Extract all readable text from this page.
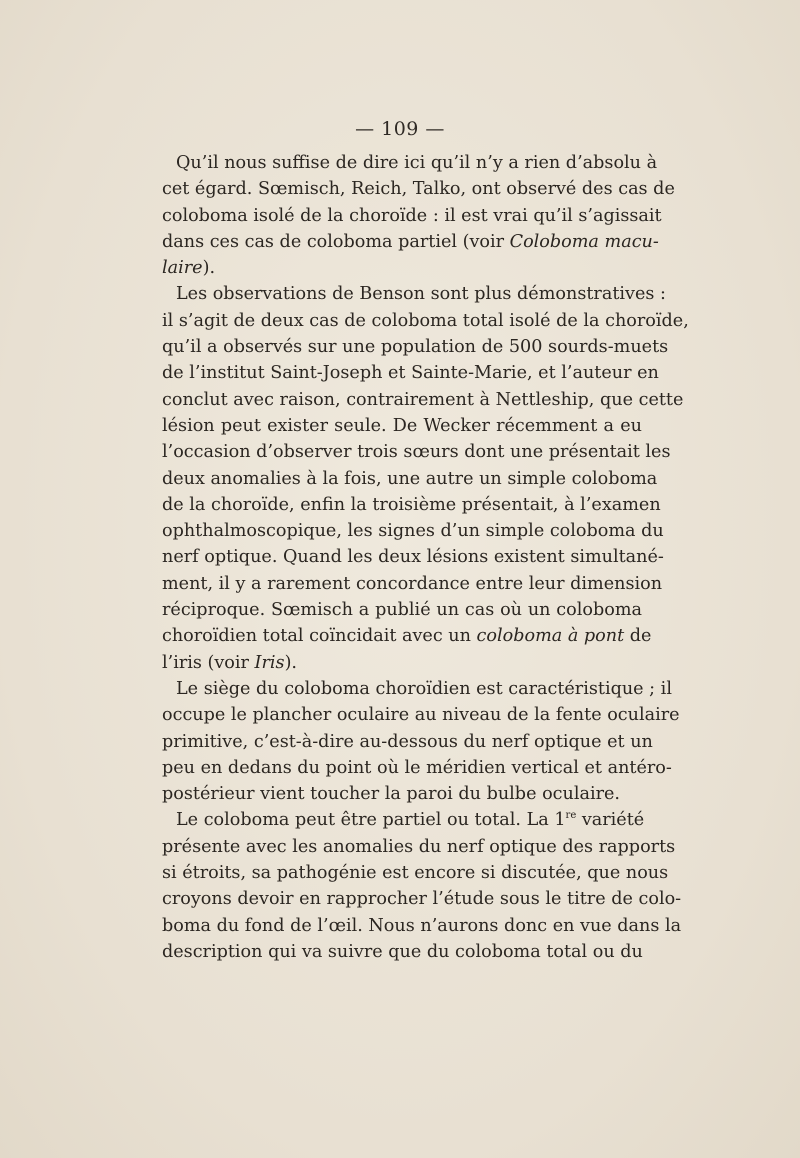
— 109 —
Qu’il nous suffise de dire ici qu’il n’y a rien d’absolu à
cet égard. Sœmisch, Reich, Talko, ont observé des cas de
coloboma isolé de la choroïde : il est vrai qu’il s’agissait
dans ces cas de coloboma partiel (voir Coloboma macu-
laire).
Les observations de Benson sont plus démonstratives :
il s’agit de deux cas de coloboma total isolé de la choroïde,
qu’il a observés sur une population de 500 sourds-muets
de l’institut Saint-Joseph et Sainte-Marie, et l’auteur en
conclut avec raison, contrairement à Nettleship, que cette
lésion peut exister seule. De Wecker récemment a eu
l’occasion d’observer trois sœurs dont une présentait les
deux anomalies à la fois, une autre un simple coloboma
de la choroïde, enfin la troisième présentait, à l’examen
ophthalmoscopique, les signes d’un simple coloboma du
nerf optique. Quand les deux lésions existent simultané-
ment, il y a rarement concordance entre leur dimension
réciproque. Sœmisch a publié un cas où un coloboma
choroïdien total coïncidait avec un coloboma à pont de
l’iris (voir Iris).
Le siège du coloboma choroïdien est caractéristique ; il
occupe le plancher oculaire au niveau de la fente oculaire
primitive, c’est-à-dire au-dessous du nerf optique et un
peu en dedans du point où le méridien vertical et antéro-
postérieur vient toucher la paroi du bulbe oculaire.
Le coloboma peut être partiel ou total. La 1re variété
présente avec les anomalies du nerf optique des rapports
si étroits, sa pathogénie est encore si discutée, que nous
croyons devoir en rapprocher l’étude sous le titre de colo-
boma du fond de l’œil. Nous n’aurons donc en vue dans la
description qui va suivre que du coloboma total ou du
